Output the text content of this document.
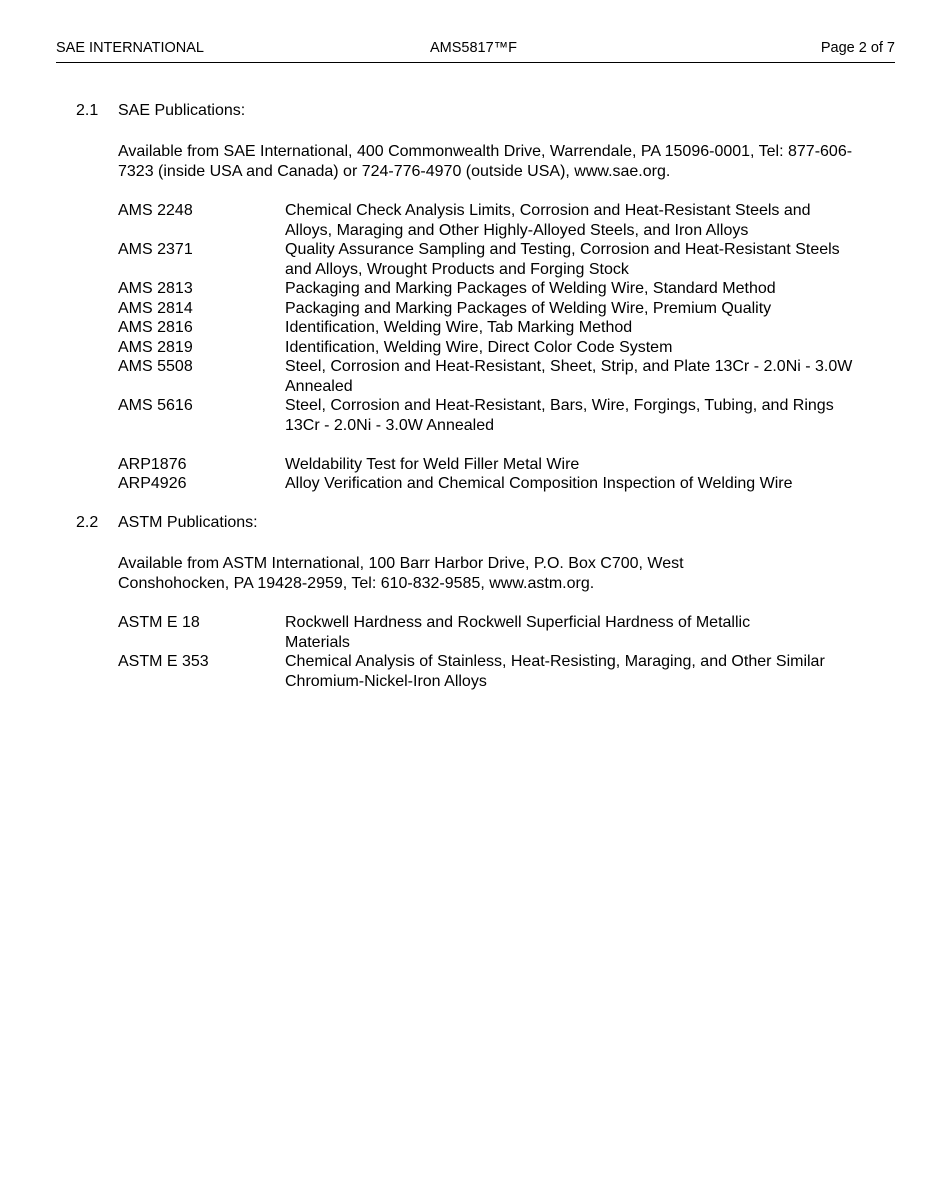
SAE INTERNATIONAL	AMS5817™F	Page 2 of 7
2.1 SAE Publications:
Available from SAE International, 400 Commonwealth Drive, Warrendale, PA 15096-0001, Tel: 877-606-7323 (inside USA and Canada) or 724-776-4970 (outside USA), www.sae.org.
AMS 2248	Chemical Check Analysis Limits, Corrosion and Heat-Resistant Steels and Alloys, Maraging and Other Highly-Alloyed Steels, and Iron Alloys
AMS 2371	Quality Assurance Sampling and Testing, Corrosion and Heat-Resistant Steels and Alloys, Wrought Products and Forging Stock
AMS 2813	Packaging and Marking Packages of Welding Wire, Standard Method
AMS 2814	Packaging and Marking Packages of Welding Wire, Premium Quality
AMS 2816	Identification, Welding Wire, Tab Marking Method
AMS 2819	Identification, Welding Wire, Direct Color Code System
AMS 5508	Steel, Corrosion and Heat-Resistant, Sheet, Strip, and Plate 13Cr - 2.0Ni - 3.0W Annealed
AMS 5616	Steel, Corrosion and Heat-Resistant, Bars, Wire, Forgings, Tubing, and Rings 13Cr - 2.0Ni - 3.0W Annealed
ARP1876	Weldability Test for Weld Filler Metal Wire
ARP4926	Alloy Verification and Chemical Composition Inspection of Welding Wire
2.2 ASTM Publications:
Available from ASTM International, 100 Barr Harbor Drive, P.O. Box C700, West Conshohocken, PA 19428-2959, Tel: 610-832-9585, www.astm.org.
ASTM E 18	Rockwell Hardness and Rockwell Superficial Hardness of Metallic Materials
ASTM E 353	Chemical Analysis of Stainless, Heat-Resisting, Maraging, and Other Similar Chromium-Nickel-Iron Alloys
